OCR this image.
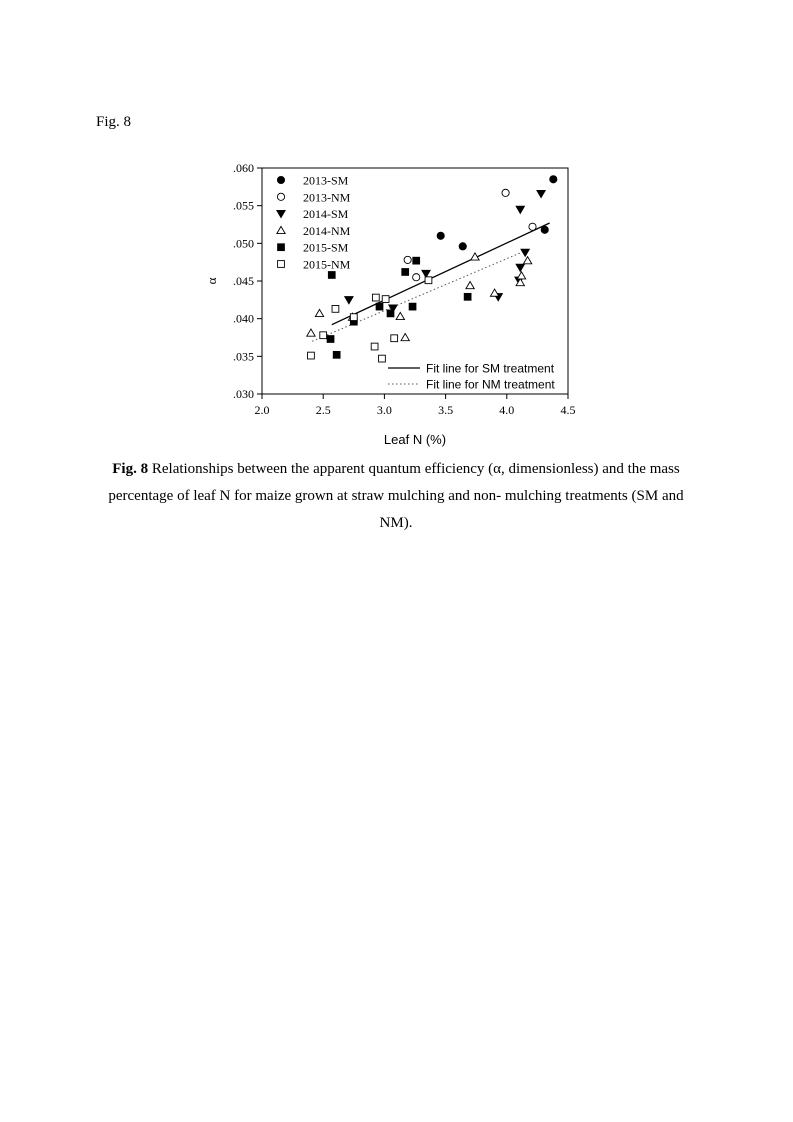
Fig. 8
2.0	2.5	3.0	3.5	4.0	4.5
.030
.035
.040
.045
.050
.055
.060
Leaf N (%)
α
2013-SM
2013-NM
2014-SM
2014-NM
2015-SM
2015-NM
Fit line for SM treatment
Fit line for NM treatment
Fig. 8 Relationships between the apparent quantum efficiency (α, dimensionless) and the mass percentage of leaf N for maize grown at straw mulching and non- mulching treatments (SM and NM).
